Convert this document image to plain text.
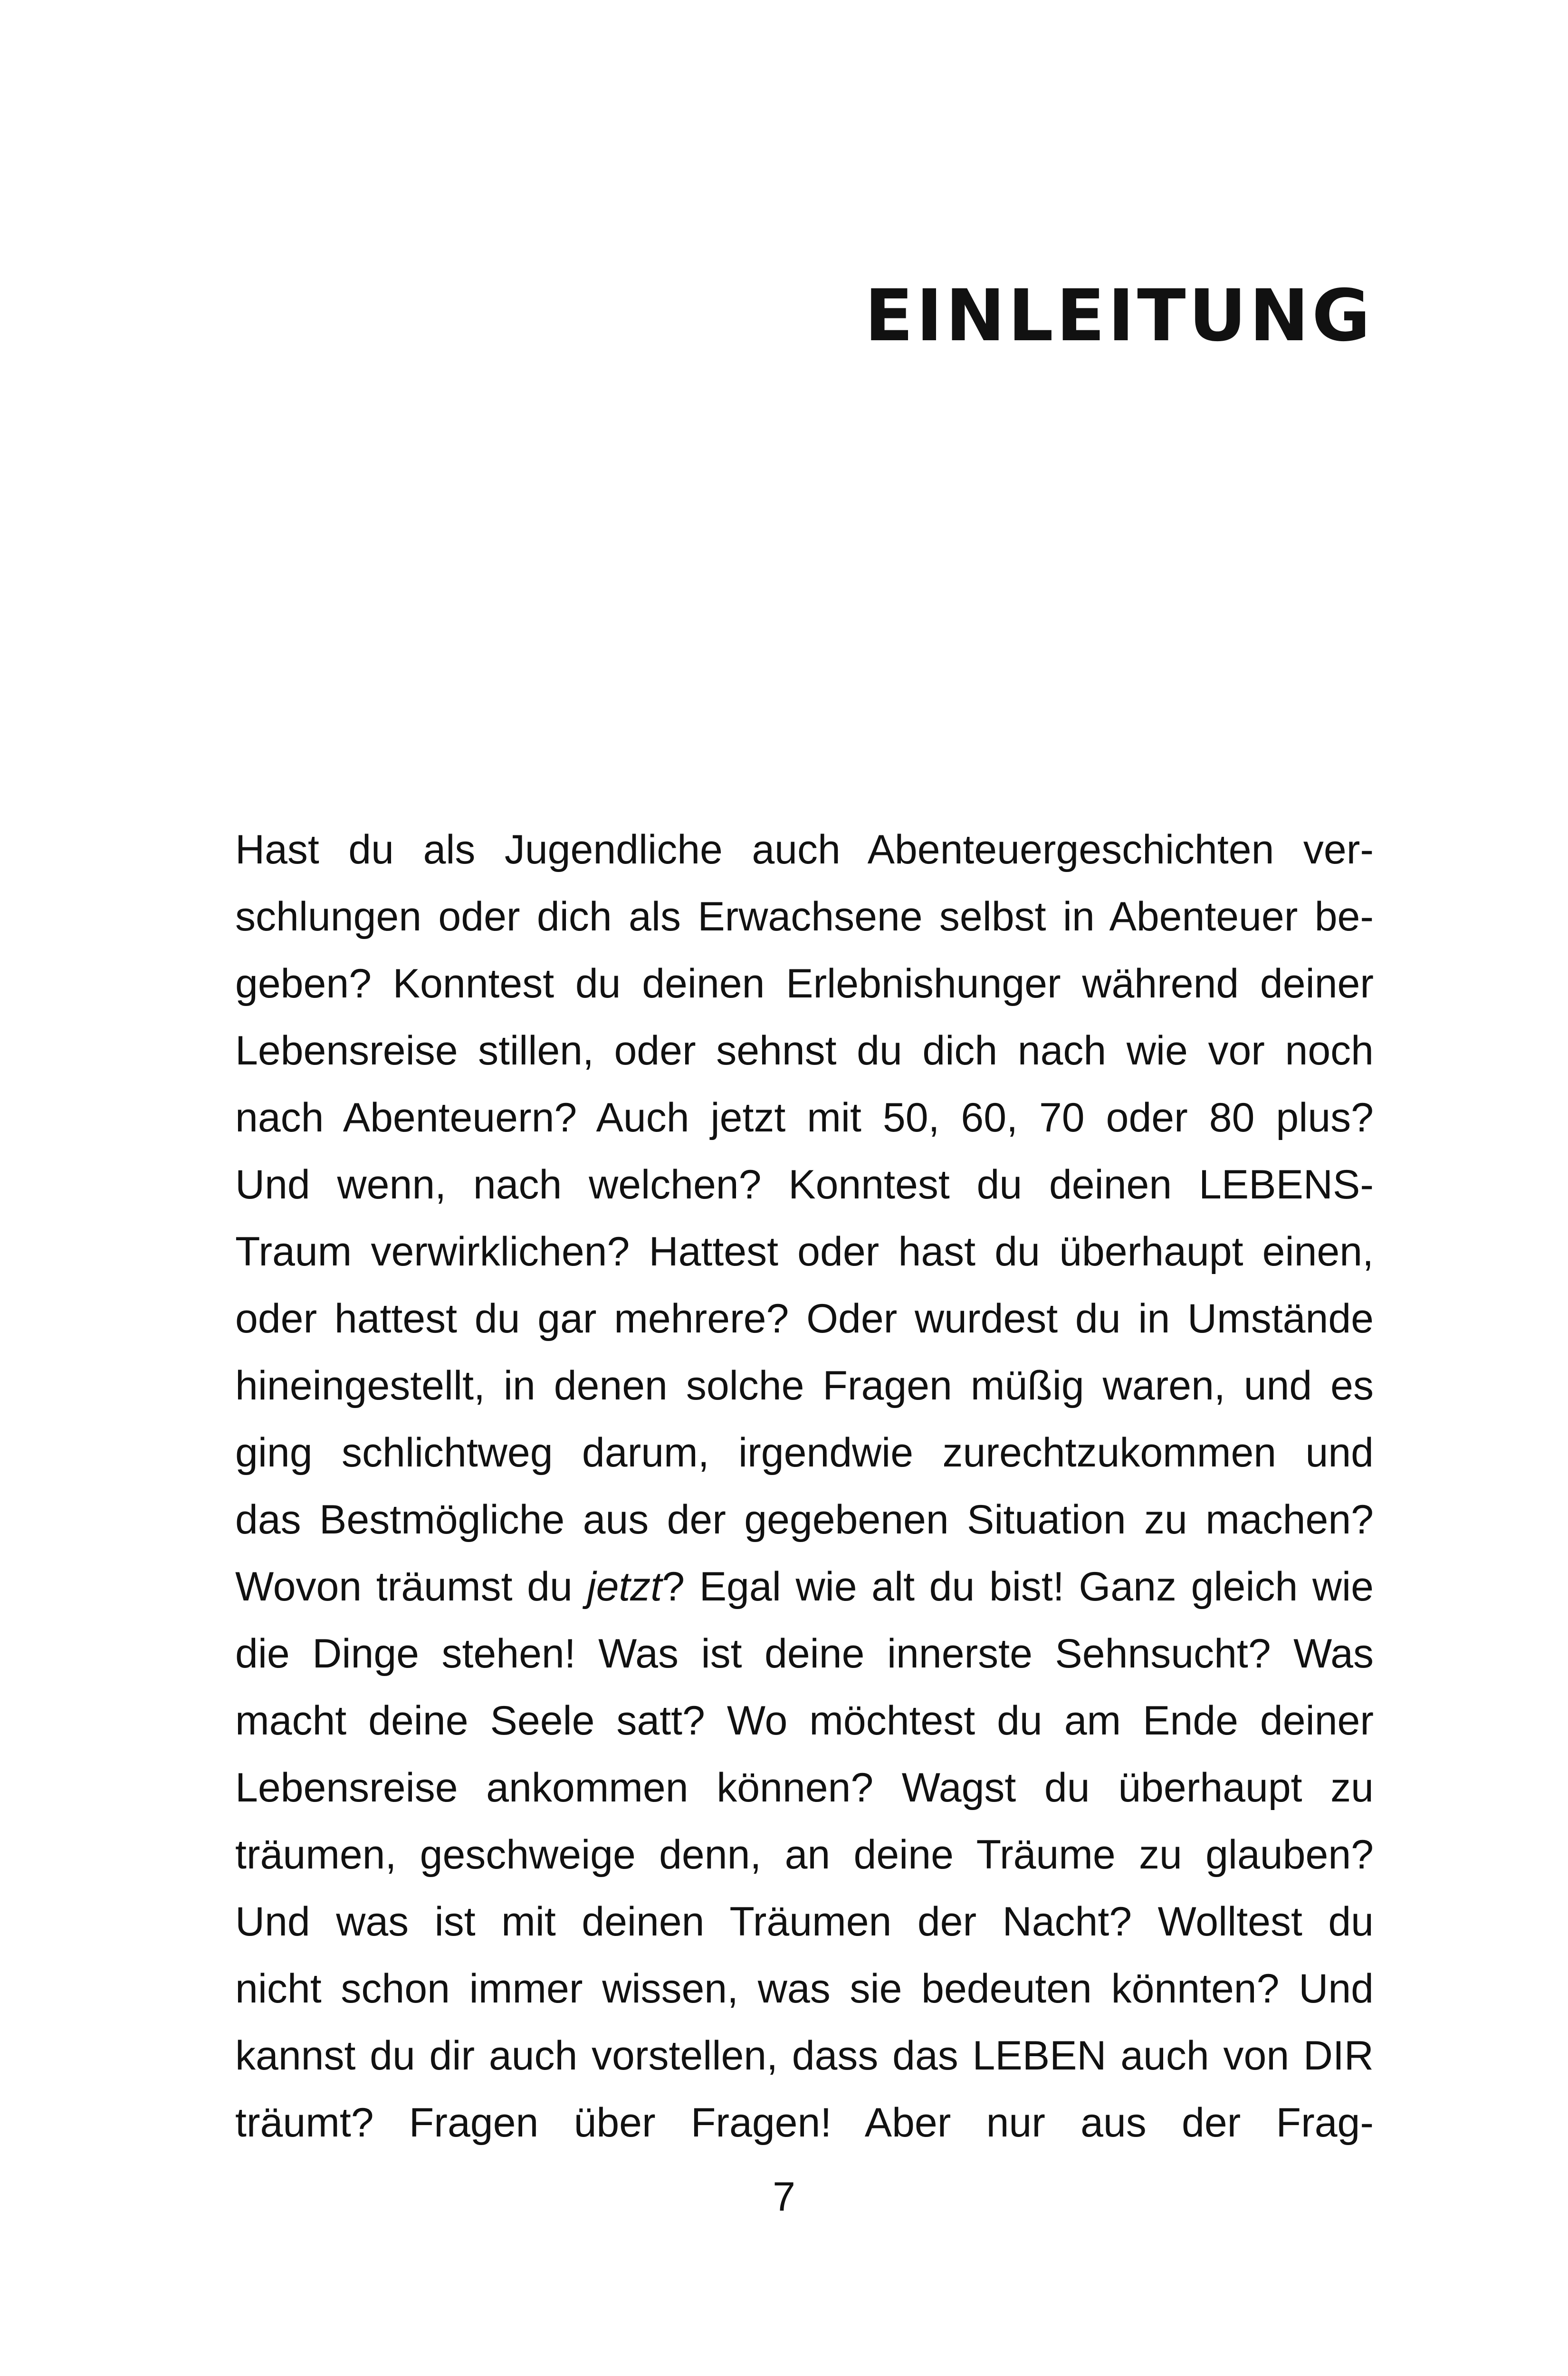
EINLEITUNG
Hast du als Jugendliche auch Abenteuergeschichten ver-
schlungen oder dich als Erwachsene selbst in Abenteuer be-
geben? Konntest du deinen Erlebnishunger während deiner
Lebensreise stillen, oder sehnst du dich nach wie vor noch
nach Abenteuern? Auch jetzt mit 50, 60, 70 oder 80 plus?
Und wenn, nach welchen? Konntest du deinen LEBENS-
Traum verwirklichen? Hattest oder hast du überhaupt einen,
oder hattest du gar mehrere? Oder wurdest du in Umstände
hineingestellt, in denen solche Fragen müßig waren, und es
ging schlichtweg darum, irgendwie zurechtzukommen und
das Bestmögliche aus der gegebenen Situation zu machen?
Wovon träumst du jetzt? Egal wie alt du bist! Ganz gleich wie
die Dinge stehen! Was ist deine innerste Sehnsucht? Was
macht deine Seele satt? Wo möchtest du am Ende deiner
Lebensreise ankommen können? Wagst du überhaupt zu
träumen, geschweige denn, an deine Träume zu glauben?
Und was ist mit deinen Träumen der Nacht? Wolltest du
nicht schon immer wissen, was sie bedeuten könnten? Und
kannst du dir auch vorstellen, dass das LEBEN auch von DIR
träumt? Fragen über Fragen! Aber nur aus der Frag-
7
